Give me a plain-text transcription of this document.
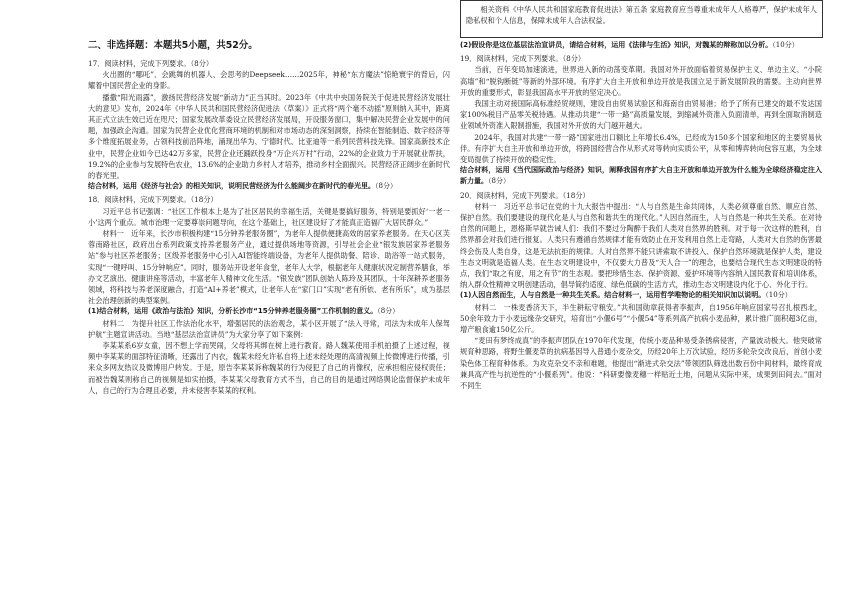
二、非选择题：本题共5小题，共52分。

17．阅读材料，完成下列要求。（8分）

火出圈的“哪吒”、会跳舞的机器人、会思考的Deepseek……2025年，神秘“东方魔法”惊艳寰宇的背后，闪耀着中国民营企业的身影。

播撒“阳光雨露”，激扬民营经济发展“新动力”正当其时。2023年《中共中央国务院关于促进民营经济发展壮大的意见》发布，2024年《中华人民共和国民营经济促进法（草案）》正式将“两个毫不动摇”原则纳入其中，距离其正式立法生效已近在咫尺；国家发展改革委设立民营经济发展局，开设服务窗口，集中解决民营企业发展中的问题，加强政企沟通。国家为民营企业优化营商环境的机制和对市场动态的深刻洞察，持续在智能制造、数字经济等多个维度拓展业务，占领科技前沿阵地，涌现出华为、宁德时代、比亚迪等一系列民营科技先锋。国家高新技术企业中，民营企业如今已达42万多家，民营企业还踊跃投身“万企兴万村”行动，22%的企业致力于开展就业帮扶，19.2%的企业参与发展特色农业，13.6%的企业助力乡村人才培养，推动乡村全面振兴。民营经济正阔步在新时代的春光里。

结合材料，运用《经济与社会》的相关知识，说明民营经济为什么能阔步在新时代的春光里。（8分）

18．阅读材料，完成下列要求。（18分）

习近平总书记强调：“社区工作根本上是为了社区居民的幸福生活，关键是要搞好服务，特别是要抓好‘一老一小’这两个重点。城市治理一定要尊崇问题导向，在这个基础上，社区建设好了才能真正造福广大居民群众。”

材料一　近年来，长沙市积极构建“15分钟养老服务圈”，为老年人提供便捷高效的居家养老服务。在天心区芙蓉南路社区，政府出台系列政策支持养老服务产业，通过提供场地等资源，引导社会企业“银发族居家养老服务站”参与社区养老服务；区级养老服务中心引入AI智能终端设备，为老年人提供助餐、陪诊、助浴等一站式服务，实现“一键呼叫、15分钟响应”。同时，服务站开设老年食堂，老年人大学，根据老年人健康状况定制营养膳食，举办文艺演出、健康讲座等活动，丰富老年人精神文化生活。“银发族”团队创始人陈玲及其团队，十年深耕养老服务领域，将科技与养老深度融合，打造“AI+养老”模式，让老年人在“家门口”实现“老有所依、老有所乐”，成为基层社会治理创新的典型案例。

(1)结合材料，运用《政治与法治》知识，分析长沙市“15分钟养老服务圈”工作机制的意义。（8分）

材料二　为提升社区工作法治化水平，增强居民的法治观念，某小区开展了“法入寻常，司法为未成年人保驾护航”主题宣讲活动。当地“基层法治宣讲员”为大家分享了如下案例：

李某某系6岁女童，因不想上学而哭闹，父母将其绑在树上进行教育。路人魏某使用手机拍摄了上述过程，视频中李某某的面部特征清晰，还露出了内衣，魏某未经允许私自将上述未经处理的高清视频上传微博进行传播，引来众多网友热议及微博用户转发。于是，原告李某某诉称魏某的行为侵犯了自己的肖像权，应承担相应侵权责任；而被告魏某则称自己的视频是如实拍摄，李某某父母教育方式不当，自己的目的是通过网络舆论监督保护未成年人，自己的行为合理且必要，并未侵害李某某的权利。

相关资料《中华人民共和国家庭教育促进法》第五条 家庭教育应当尊重未成年人人格尊严，保护未成年人隐私权和个人信息，保障未成年人合法权益。

(2)假设你是这位基层法治宣讲员，请结合材料，运用《法律与生活》知识，对魏某的辩称加以分析。（10分）

19．阅读材料，完成下列要求。（8分）

当前，百年变局加速演进，世界进入新的动荡变革期。我国对外开放面临着贸易保护主义、单边主义、“小院高墙”和“脱钩断链”等新的外部环境。有序扩大自主开放和单边开放是我国立足于新发展阶段的需要。主动向世界开放的重要形式，彰显我国高水平开放的坚定决心。

我国主动对接国际高标准经贸规则，建设自由贸易试验区和海南自由贸易港；给予了所有已建交的最不发达国家100%税目产品零关税待遇。从推动共建“一带一路”高质量发展，到缩减外资准入负面清单，再到全面取消制造业领域外资准入限制措施，我国对外开放的大门越开越大。

2024年，我国对共建“一带一路”国家进出口额比上年增长6.4%，已经成为150多个国家和地区的主要贸易伙伴。有序扩大自主开放和单边开放，将跨国经营合作从形式对等转向实质公平，从零和博弈转向包容互惠，为全球变局提供了持续开放的稳定性。

结合材料，运用《当代国际政治与经济》知识，阐释我国有序扩大自主开放和单边开放为什么能为全球经济稳定注入新力量。（8分）

20．阅读材料，完成下列要求。（18分）

材料一　习近平总书记在党的十九大报告中提出：“人与自然是生命共同体，人类必须尊重自然、顺应自然、保护自然。我们要建设的现代化是人与自然和谐共生的现代化。”人因自然而生，人与自然是一种共生关系。在对待自然的问题上，恩格斯早就告诫人们：我们不要过分陶醉于我们人类对自然界的胜利。对于每一次这样的胜利，自然界都会对我们进行报复。人类只有遵循自然规律才能有效防止在开发利用自然上走弯路，人类对大自然的伤害最终会伤及人类自身，这是无法抗拒的规律。人对自然界不能只讲索取不讲投入、保护自然环境就是保护人类，建设生态文明就是造福人类。在生态文明建设中，不仅要大力普及“天人合一”的理念，也要结合现代生态文明建设的特点，我们“取之有度，用之有节”的生态观。要把珍惜生态、保护资源、爱护环境等内容纳入国民教育和培训体系，纳入群众性精神文明创建活动，倡导简约适度、绿色低碳的生活方式，推动生态文明建设内化于心、外化于行。

(1)人因自然而生，人与自然是一种共生关系。结合材料一，运用哲学唯物论的相关知识加以说明。（10分）

材料二　一株麦香济天下，半生耕耘守粮安。”共和国勋章获得者李振声，自1956年响应国家号召扎根西北，50余年致力于小麦远缘杂交研究，培育出“小偃6号”“小偃54”等系列高产抗病小麦品种，累计推广面积超3亿亩，增产粮食逾150亿公斤。

“麦田有梦终成真”的李振声团队在1970年代发现，传统小麦品种易受条锈病侵害，产量波动极大。他突破常规育种思路，将野生偃麦草的抗病基因导入普通小麦杂交，历经20年上万次试验，经历多轮杂交改良后，首创小麦染色体工程育种体系。为攻克杂交不亲和难题，他提出“渐进式杂交法”带领团队筛选出数百份中间材料，最终育成兼具高产性与抗逆性的“小偃系列”。他说：“科研要像麦穗一样贴近土地，问题从实际中来，成果到田间去。”面对不同生
